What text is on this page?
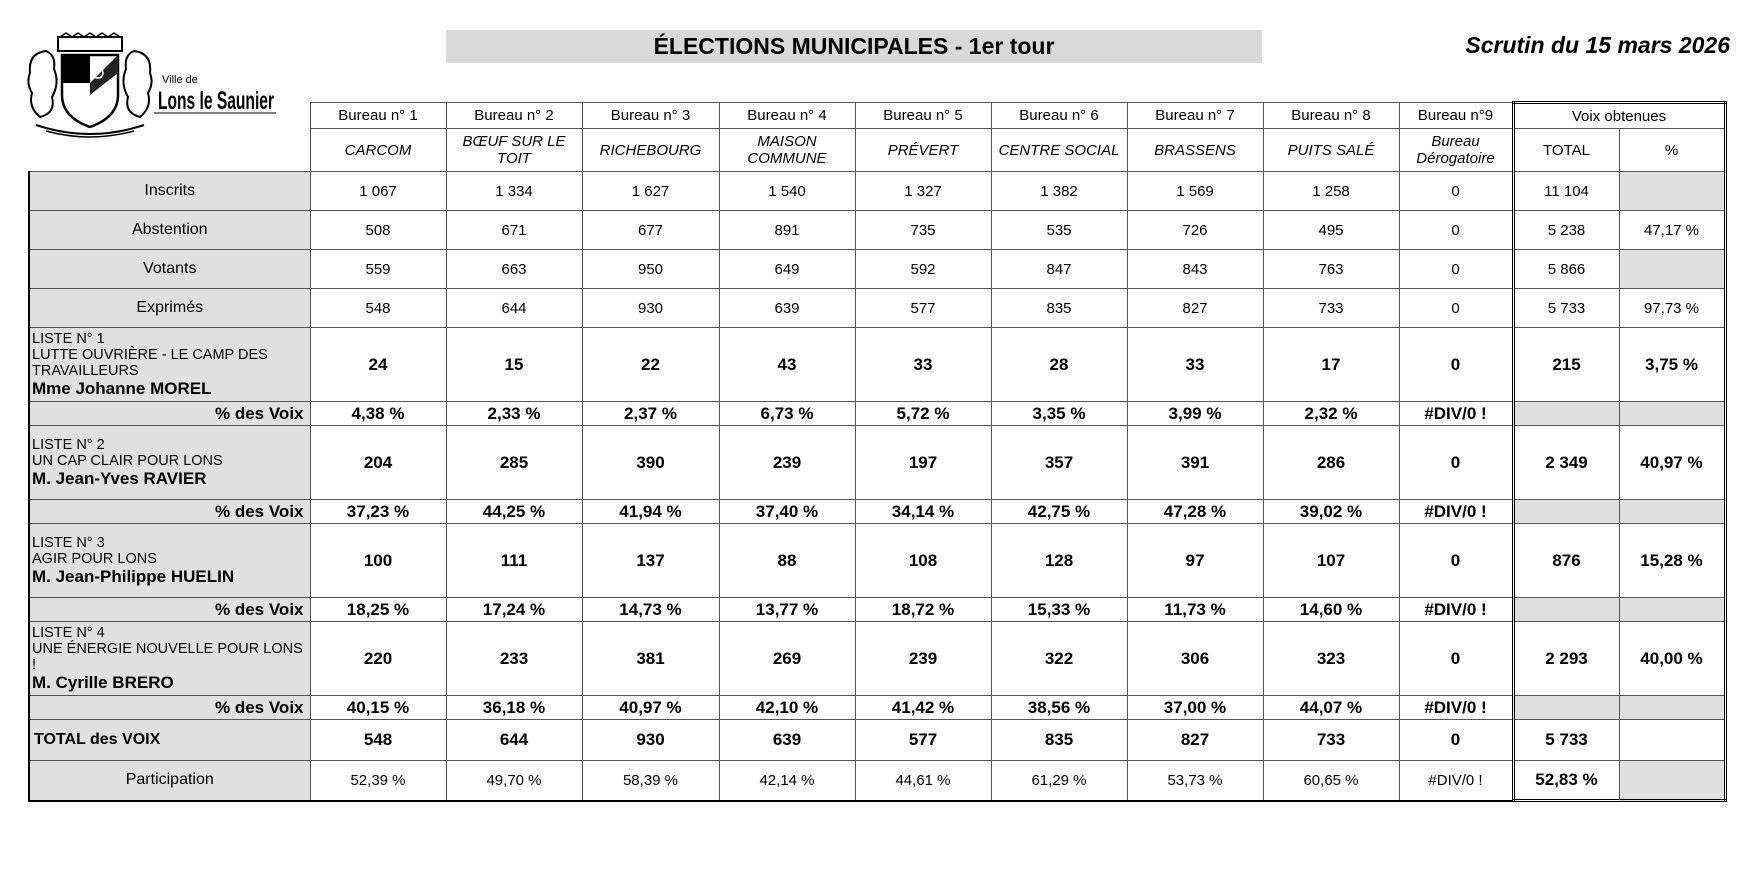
Ville de
Lons le Saunier
ÉLECTIONS MUNICIPALES - 1er tour	Scrutin du 15 mars 2026
	Bureau n° 1	Bureau n° 2	Bureau n° 3	Bureau n° 4	Bureau n° 5	Bureau n° 6	Bureau n° 7	Bureau n° 8	Bureau n°9	Voix obtenues	
	CARCOM	BŒUF SUR LE TOIT	RICHEBOURG	MAISON COMMUNE	PRÉVERT	CENTRE SOCIAL	BRASSENS	PUITS SALÉ	Bureau Dérogatoire	TOTAL	%
Inscrits	1 067	1 334	1 627	1 540	1 327	1 382	1 569	1 258	0	11 104	
Abstention	508	671	677	891	735	535	726	495	0	5 238	47,17 %
Votants	559	663	950	649	592	847	843	763	0	5 866	
Exprimés	548	644	930	639	577	835	827	733	0	5 733	97,73 %

LISTE N° 1
LUTTE OUVRIÈRE - LE CAMP DES TRAVAILLEURS
Mme Johanne MOREL	24	15	22	43	33	28	33	17	0	215	3,75 %
% des Voix	4,38 %	2,33 %	2,37 %	6,73 %	5,72 %	3,35 %	3,99 %	2,32 %	#DIV/0 !		

LISTE N° 2
UN CAP CLAIR POUR LONS
M. Jean-Yves RAVIER	204	285	390	239	197	357	391	286	0	2 349	40,97 %
% des Voix	37,23 %	44,25 %	41,94 %	37,40 %	34,14 %	42,75 %	47,28 %	39,02 %	#DIV/0 !		

LISTE N° 3
AGIR POUR LONS
M. Jean-Philippe HUELIN	100	111	137	88	108	128	97	107	0	876	15,28 %
% des Voix	18,25 %	17,24 %	14,73 %	13,77 %	18,72 %	15,33 %	11,73 %	14,60 %	#DIV/0 !		

LISTE N° 4
UNE ÉNERGIE NOUVELLE POUR LONS !
M. Cyrille BRERO	220	233	381	269	239	322	306	323	0	2 293	40,00 %
% des Voix	40,15 %	36,18 %	40,97 %	42,10 %	41,42 %	38,56 %	37,00 %	44,07 %	#DIV/0 !		
TOTAL des VOIX	548	644	930	639	577	835	827	733	0	5 733	
Participation	52,39 %	49,70 %	58,39 %	42,14 %	44,61 %	61,29 %	53,73 %	60,65 %	#DIV/0 !	52,83 %	
